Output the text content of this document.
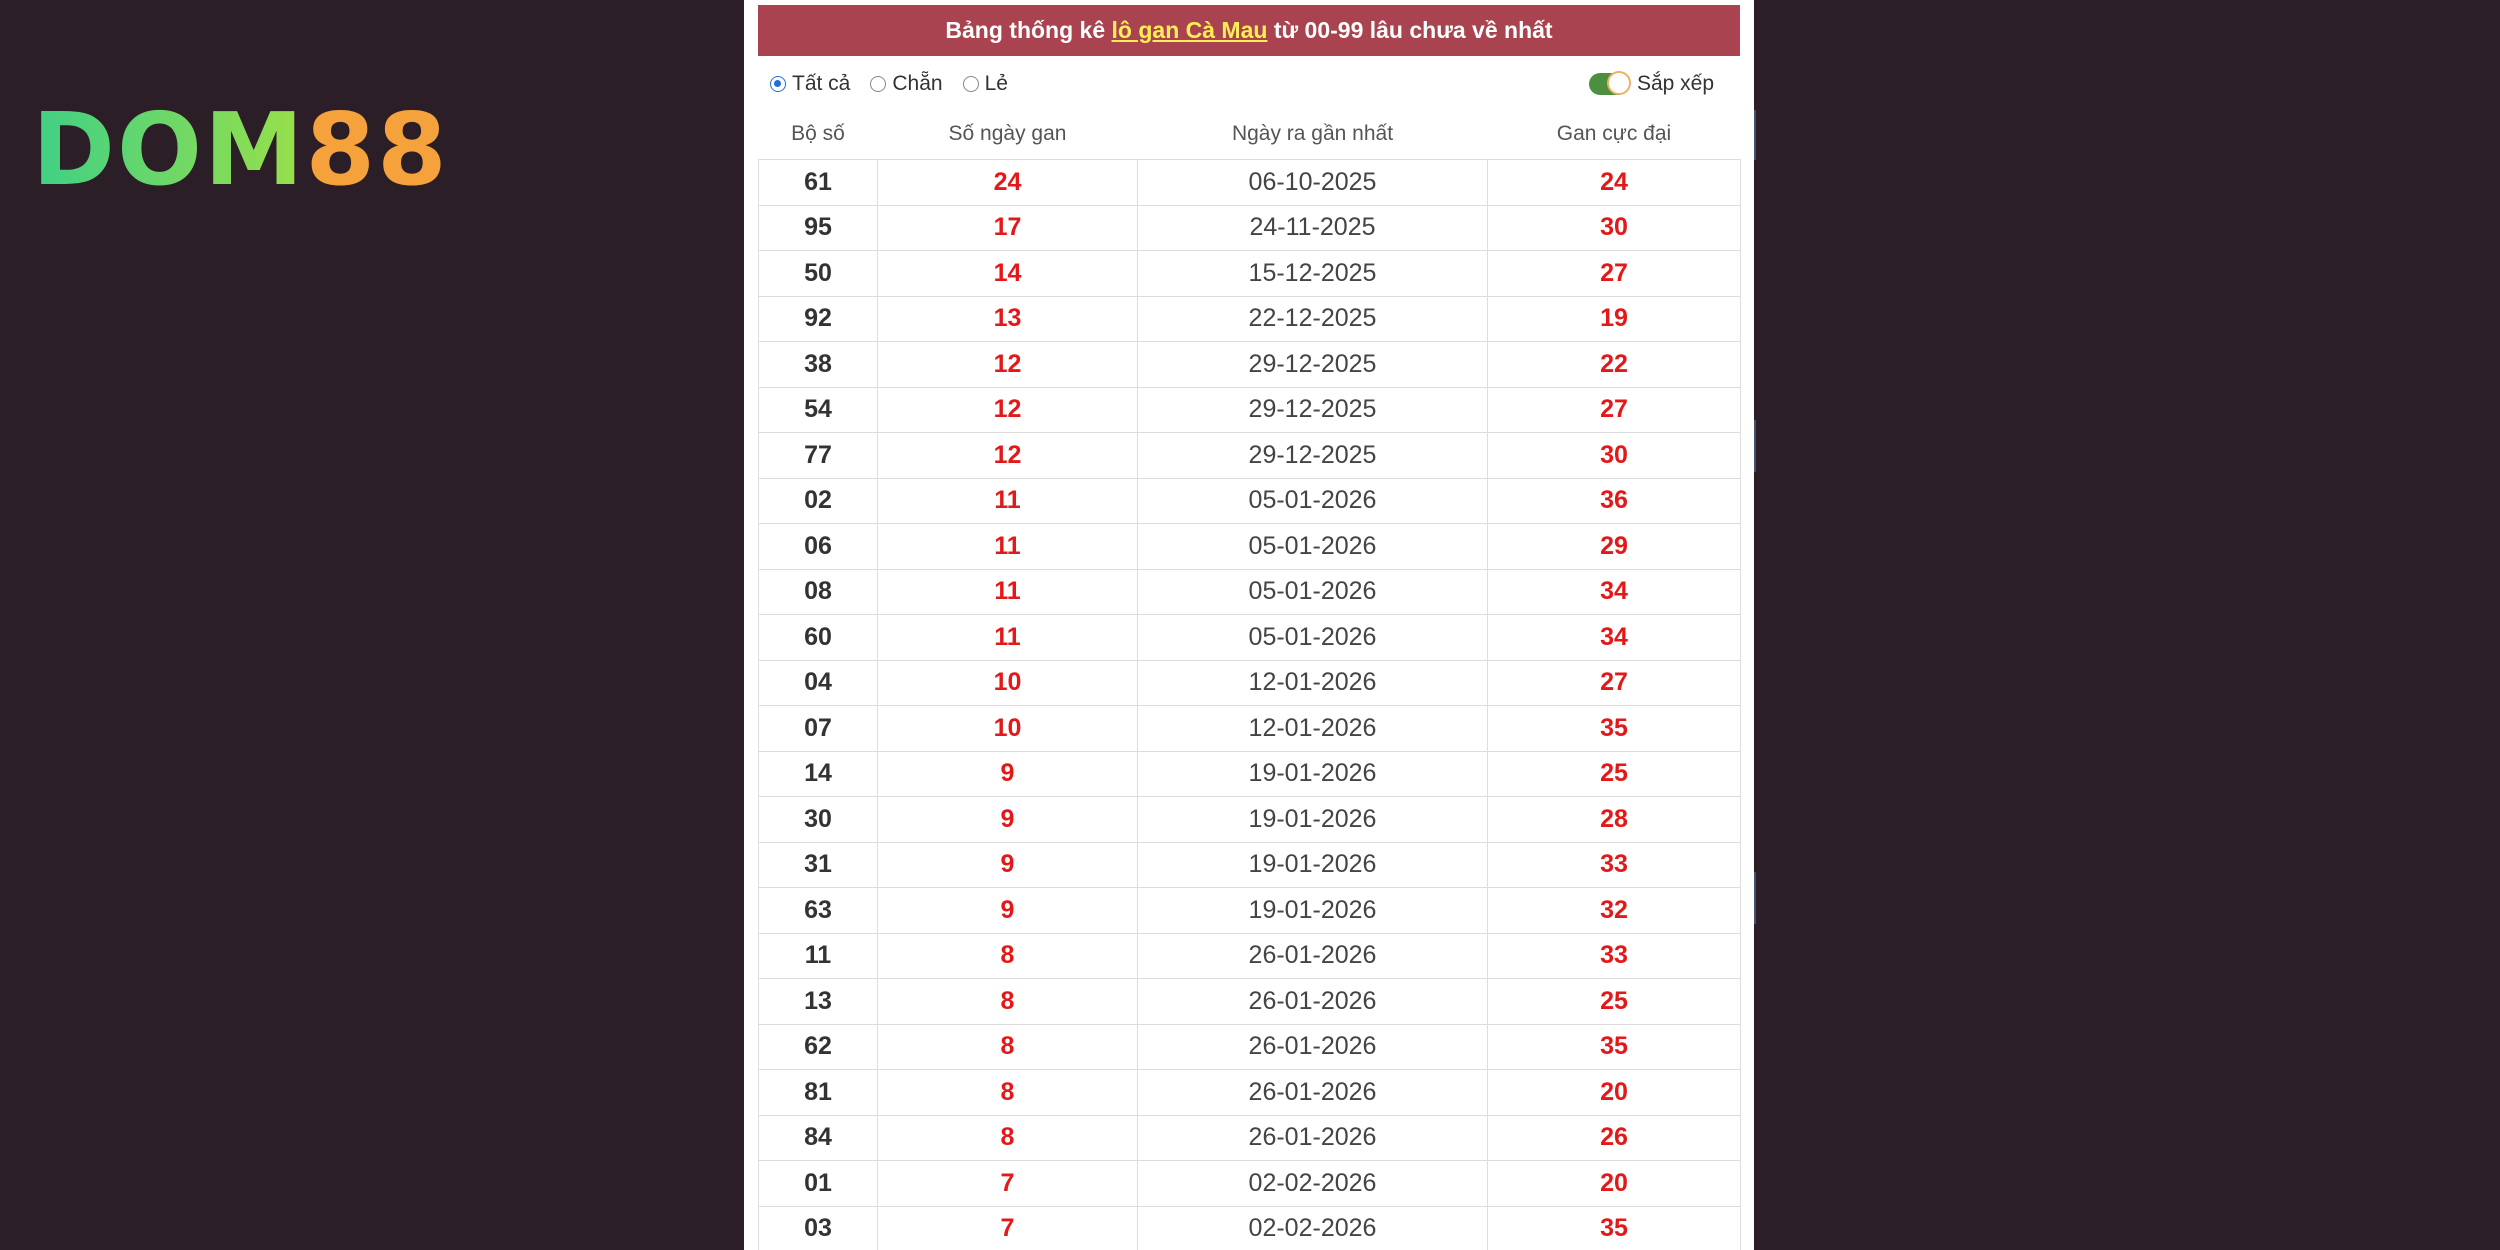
DOM88
Bảng thống kê lô gan Cà Mau từ 00-99 lâu chưa về nhất
Tất cả Chẵn Lẻ	Sắp xếp
Bộ số	Số ngày gan	Ngày ra gần nhất	Gan cực đại
61	24	06-10-2025	24
95	17	24-11-2025	30
50	14	15-12-2025	27
92	13	22-12-2025	19
38	12	29-12-2025	22
54	12	29-12-2025	27
77	12	29-12-2025	30
02	11	05-01-2026	36
06	11	05-01-2026	29
08	11	05-01-2026	34
60	11	05-01-2026	34
04	10	12-01-2026	27
07	10	12-01-2026	35
14	9	19-01-2026	25
30	9	19-01-2026	28
31	9	19-01-2026	33
63	9	19-01-2026	32
11	8	26-01-2026	33
13	8	26-01-2026	25
62	8	26-01-2026	35
81	8	26-01-2026	20
84	8	26-01-2026	26
01	7	02-02-2026	20
03	7	02-02-2026	35
